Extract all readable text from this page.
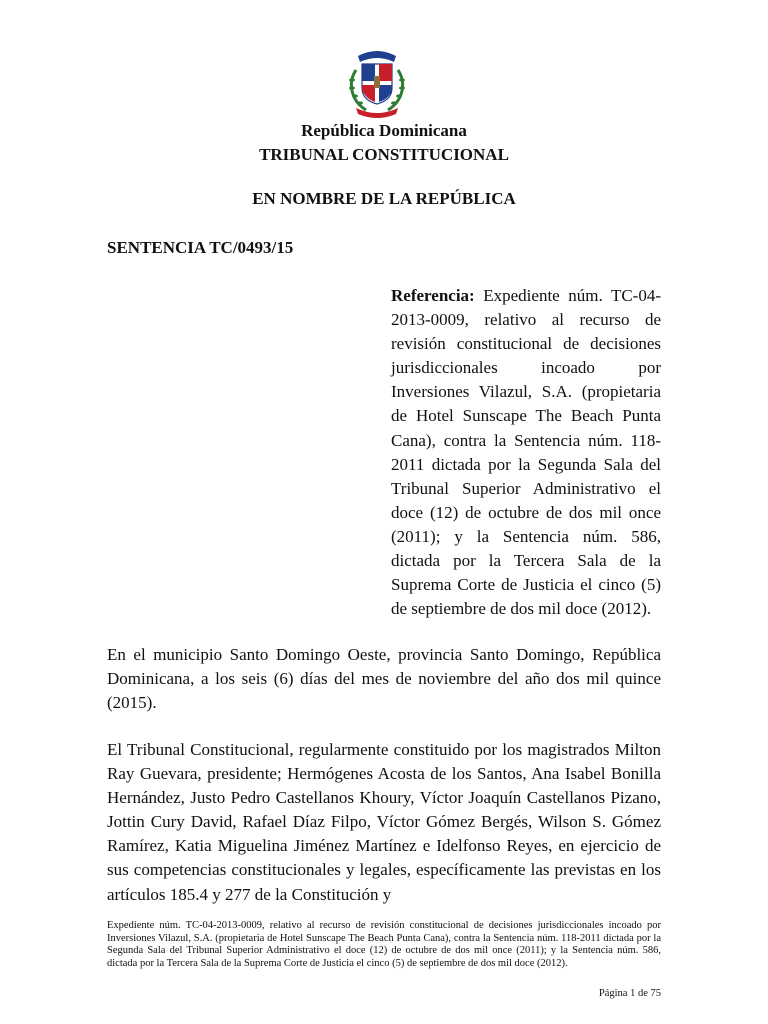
República Dominicana
TRIBUNAL CONSTITUCIONAL
EN NOMBRE DE LA REPÚBLICA
SENTENCIA TC/0493/15
Referencia: Expediente núm. TC-04-2013-0009, relativo al recurso de revisión constitucional de decisiones jurisdiccionales incoado por Inversiones Vilazul, S.A. (propietaria de Hotel Sunscape The Beach Punta Cana), contra la Sentencia núm. 118-2011 dictada por la Segunda Sala del Tribunal Superior Administrativo el doce (12) de octubre de dos mil once (2011); y la Sentencia núm. 586, dictada por la Tercera Sala de la Suprema Corte de Justicia el cinco (5) de septiembre de dos mil doce (2012).
En el municipio Santo Domingo Oeste, provincia Santo Domingo, República Dominicana, a los seis (6) días del mes de noviembre del año dos mil quince (2015).
El Tribunal Constitucional, regularmente constituido por los magistrados Milton Ray Guevara, presidente; Hermógenes Acosta de los Santos, Ana Isabel Bonilla Hernández, Justo Pedro Castellanos Khoury, Víctor Joaquín Castellanos Pizano, Jottin Cury David, Rafael Díaz Filpo, Víctor Gómez Bergés, Wilson S. Gómez Ramírez, Katia Miguelina Jiménez Martínez e Idelfonso Reyes, en ejercicio de sus competencias constitucionales y legales, específicamente las previstas en los artículos 185.4 y 277 de la Constitución y
Expediente núm. TC-04-2013-0009, relativo al recurso de revisión constitucional de decisiones jurisdiccionales incoado por Inversiones Vilazul, S.A. (propietaria de Hotel Sunscape The Beach Punta Cana), contra la Sentencia núm. 118-2011 dictada por la Segunda Sala del Tribunal Superior Administrativo el doce (12) de octubre de dos mil once (2011); y la Sentencia núm. 586, dictada por la Tercera Sala de la Suprema Corte de Justicia el cinco (5) de septiembre de dos mil doce (2012).
Página 1 de 75
